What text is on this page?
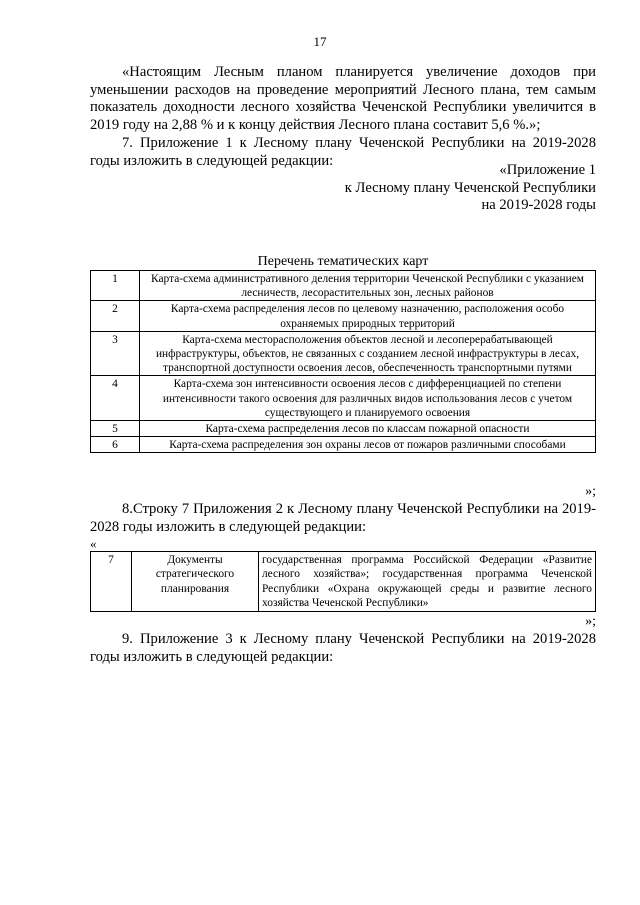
17
«Настоящим Лесным планом планируется увеличение доходов при уменьшении расходов на проведение мероприятий Лесного плана, тем самым показатель доходности лесного хозяйства Чеченской Республики увеличится в 2019 году на 2,88 % и к концу действия Лесного плана составит 5,6 %.»;
7. Приложение 1 к Лесному плану Чеченской Республики на 2019-2028 годы изложить в следующей редакции:
«Приложение 1
к Лесному плану Чеченской Республики
на 2019-2028 годы
Перечень тематических карт
1	Карта-схема административного деления территории Чеченской Республики с указанием лесничеств, лесорастительных зон, лесных районов
2	Карта-схема распределения лесов по целевому назначению, расположения особо охраняемых природных территорий
3	Карта-схема месторасположения объектов лесной и лесоперерабатывающей инфраструктуры, объектов, не связанных с созданием лесной инфраструктуры в лесах, транспортной доступности освоения лесов, обеспеченность транспортными путями
4	Карта-схема зон интенсивности освоения лесов с дифференциацией по степени интенсивности такого освоения для различных видов использования лесов с учетом существующего и планируемого освоения
5	Карта-схема распределения лесов по классам пожарной опасности
6	Карта-схема распределения зон охраны лесов от пожаров различными способами
»;
8.Строку 7 Приложения 2 к Лесному плану Чеченской Республики на 2019-2028 годы изложить в следующей редакции:
«
7	Документы стратегического планирования	государственная программа Российской Федерации «Развитие лесного хозяйства»; государственная программа Чеченской Республики «Охрана окружающей среды и развитие лесного хозяйства Чеченской Республики»
»;
9. Приложение 3 к Лесному плану Чеченской Республики на 2019-2028 годы изложить в следующей редакции:
